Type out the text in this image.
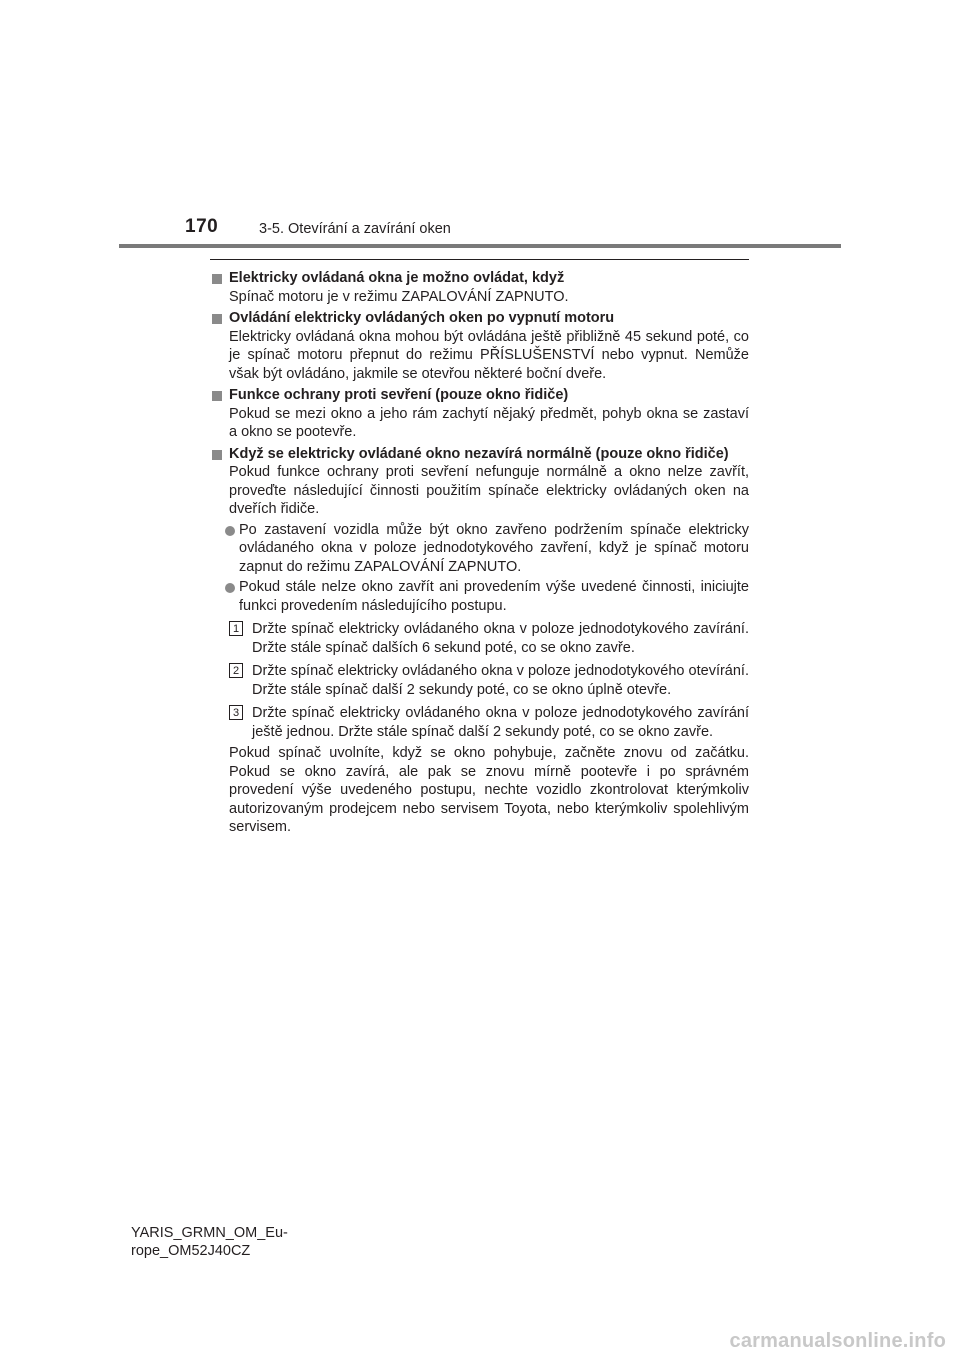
170	3-5. Otevírání a zavírání oken
Elektricky ovládaná okna je možno ovládat, když
Spínač motoru je v režimu ZAPALOVÁNÍ ZAPNUTO.
Ovládání elektricky ovládaných oken po vypnutí motoru
Elektricky ovládaná okna mohou být ovládána ještě přibližně 45 sekund poté, co je spínač motoru přepnut do režimu PŘÍSLUŠENSTVÍ nebo vypnut. Nemůže však být ovládáno, jakmile se otevřou některé boční dveře.
Funkce ochrany proti sevření (pouze okno řidiče)
Pokud se mezi okno a jeho rám zachytí nějaký předmět, pohyb okna se zastaví a okno se pootevře.
Když se elektricky ovládané okno nezavírá normálně (pouze okno řidiče)
Pokud funkce ochrany proti sevření nefunguje normálně a okno nelze zavřít, proveďte následující činnosti použitím spínače elektricky ovládaných oken na dveřích řidiče.
Po zastavení vozidla může být okno zavřeno podržením spínače elektricky ovládaného okna v poloze jednodotykového zavření, když je spínač motoru zapnut do režimu ZAPALOVÁNÍ ZAPNUTO.
Pokud stále nelze okno zavřít ani provedením výše uvedené činnosti, iniciujte funkci provedením následujícího postupu.
1 Držte spínač elektricky ovládaného okna v poloze jednodotykového zavírání. Držte stále spínač dalších 6 sekund poté, co se okno zavře.
2 Držte spínač elektricky ovládaného okna v poloze jednodotykového otevírání. Držte stále spínač další 2 sekundy poté, co se okno úplně otevře.
3 Držte spínač elektricky ovládaného okna v poloze jednodotykového zavírání ještě jednou. Držte stále spínač další 2 sekundy poté, co se okno zavře.
Pokud spínač uvolníte, když se okno pohybuje, začněte znovu od začátku. Pokud se okno zavírá, ale pak se znovu mírně pootevře i po správném provedení výše uvedeného postupu, nechte vozidlo zkontrolovat kterýmkoliv autorizovaným prodejcem nebo servisem Toyota, nebo kterýmkoliv spolehlivým servisem.
YARIS_GRMN_OM_Eu-
rope_OM52J40CZ
carmanualsonline.info
